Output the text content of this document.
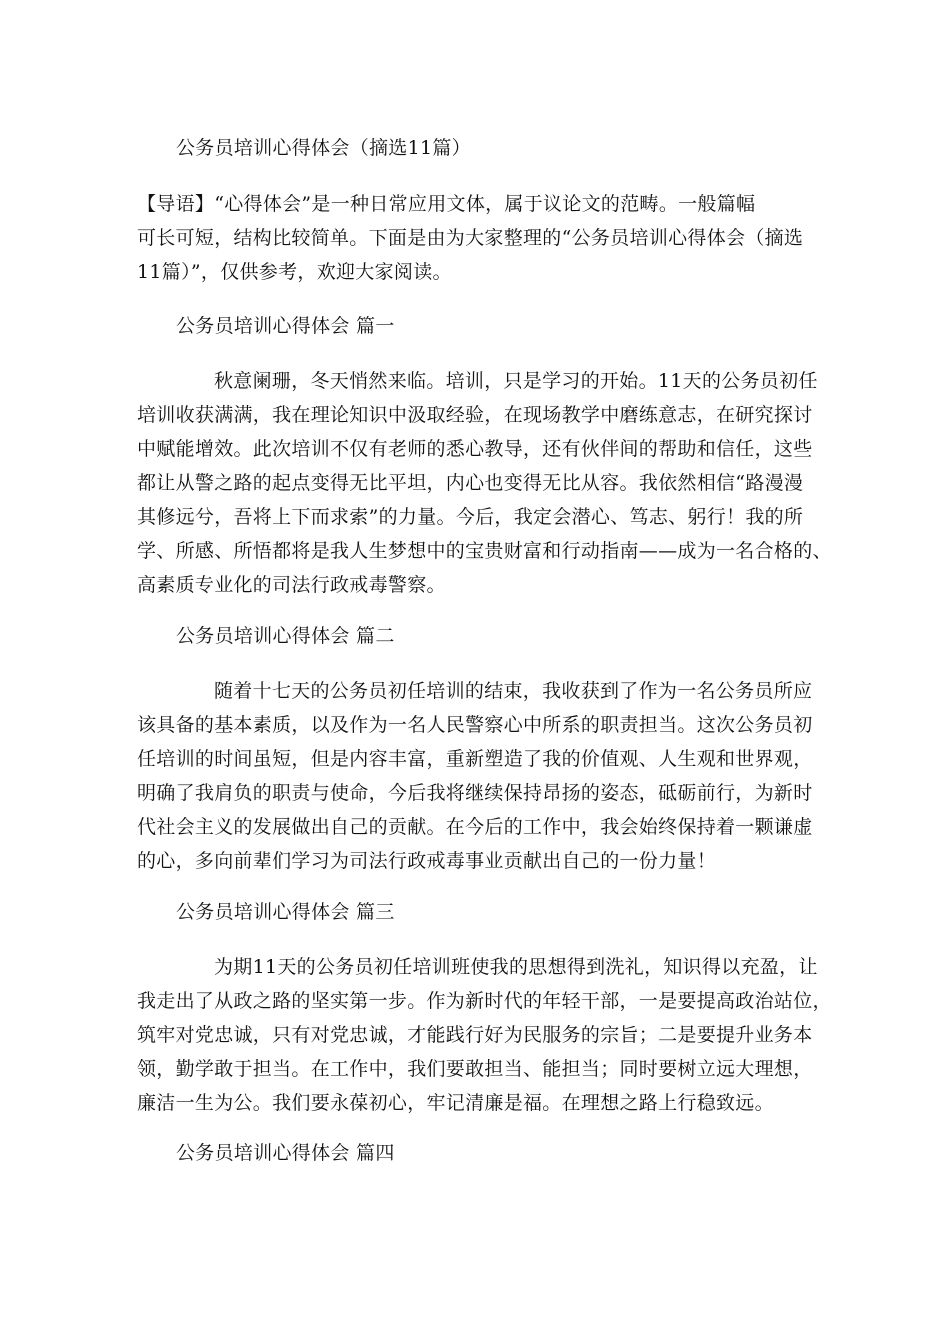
公务员培训心得体会（摘选11篇）
【导语】“心得体会”是一种日常应用文体，属于议论文的范畴。一般篇幅
可长可短，结构比较简单。下面是由为大家整理的“公务员培训心得体会（摘选
11篇）”，仅供参考，欢迎大家阅读。
公务员培训心得体会 篇一
秋意阑珊，冬天悄然来临。培训，只是学习的开始。11天的公务员初任
培训收获满满，我在理论知识中汲取经验，在现场教学中磨练意志，在研究探讨
中赋能增效。此次培训不仅有老师的悉心教导，还有伙伴间的帮助和信任，这些
都让从警之路的起点变得无比平坦，内心也变得无比从容。我依然相信“路漫漫
其修远兮，吾将上下而求索”的力量。今后，我定会潜心、笃志、躬行！我的所
学、所感、所悟都将是我人生梦想中的宝贵财富和行动指南——成为一名合格的、
高素质专业化的司法行政戒毒警察。
公务员培训心得体会 篇二
随着十七天的公务员初任培训的结束，我收获到了作为一名公务员所应
该具备的基本素质，以及作为一名人民警察心中所系的职责担当。这次公务员初
任培训的时间虽短，但是内容丰富，重新塑造了我的价值观、人生观和世界观，
明确了我肩负的职责与使命，今后我将继续保持昂扬的姿态，砥砺前行，为新时
代社会主义的发展做出自己的贡献。在今后的工作中，我会始终保持着一颗谦虚
的心，多向前辈们学习为司法行政戒毒事业贡献出自己的一份力量！
公务员培训心得体会 篇三
为期11天的公务员初任培训班使我的思想得到洗礼，知识得以充盈，让
我走出了从政之路的坚实第一步。作为新时代的年轻干部，一是要提高政治站位，
筑牢对党忠诚，只有对党忠诚，才能践行好为民服务的宗旨；二是要提升业务本
领，勤学敢于担当。在工作中，我们要敢担当、能担当；同时要树立远大理想，
廉洁一生为公。我们要永葆初心，牢记清廉是福。在理想之路上行稳致远。
公务员培训心得体会 篇四
